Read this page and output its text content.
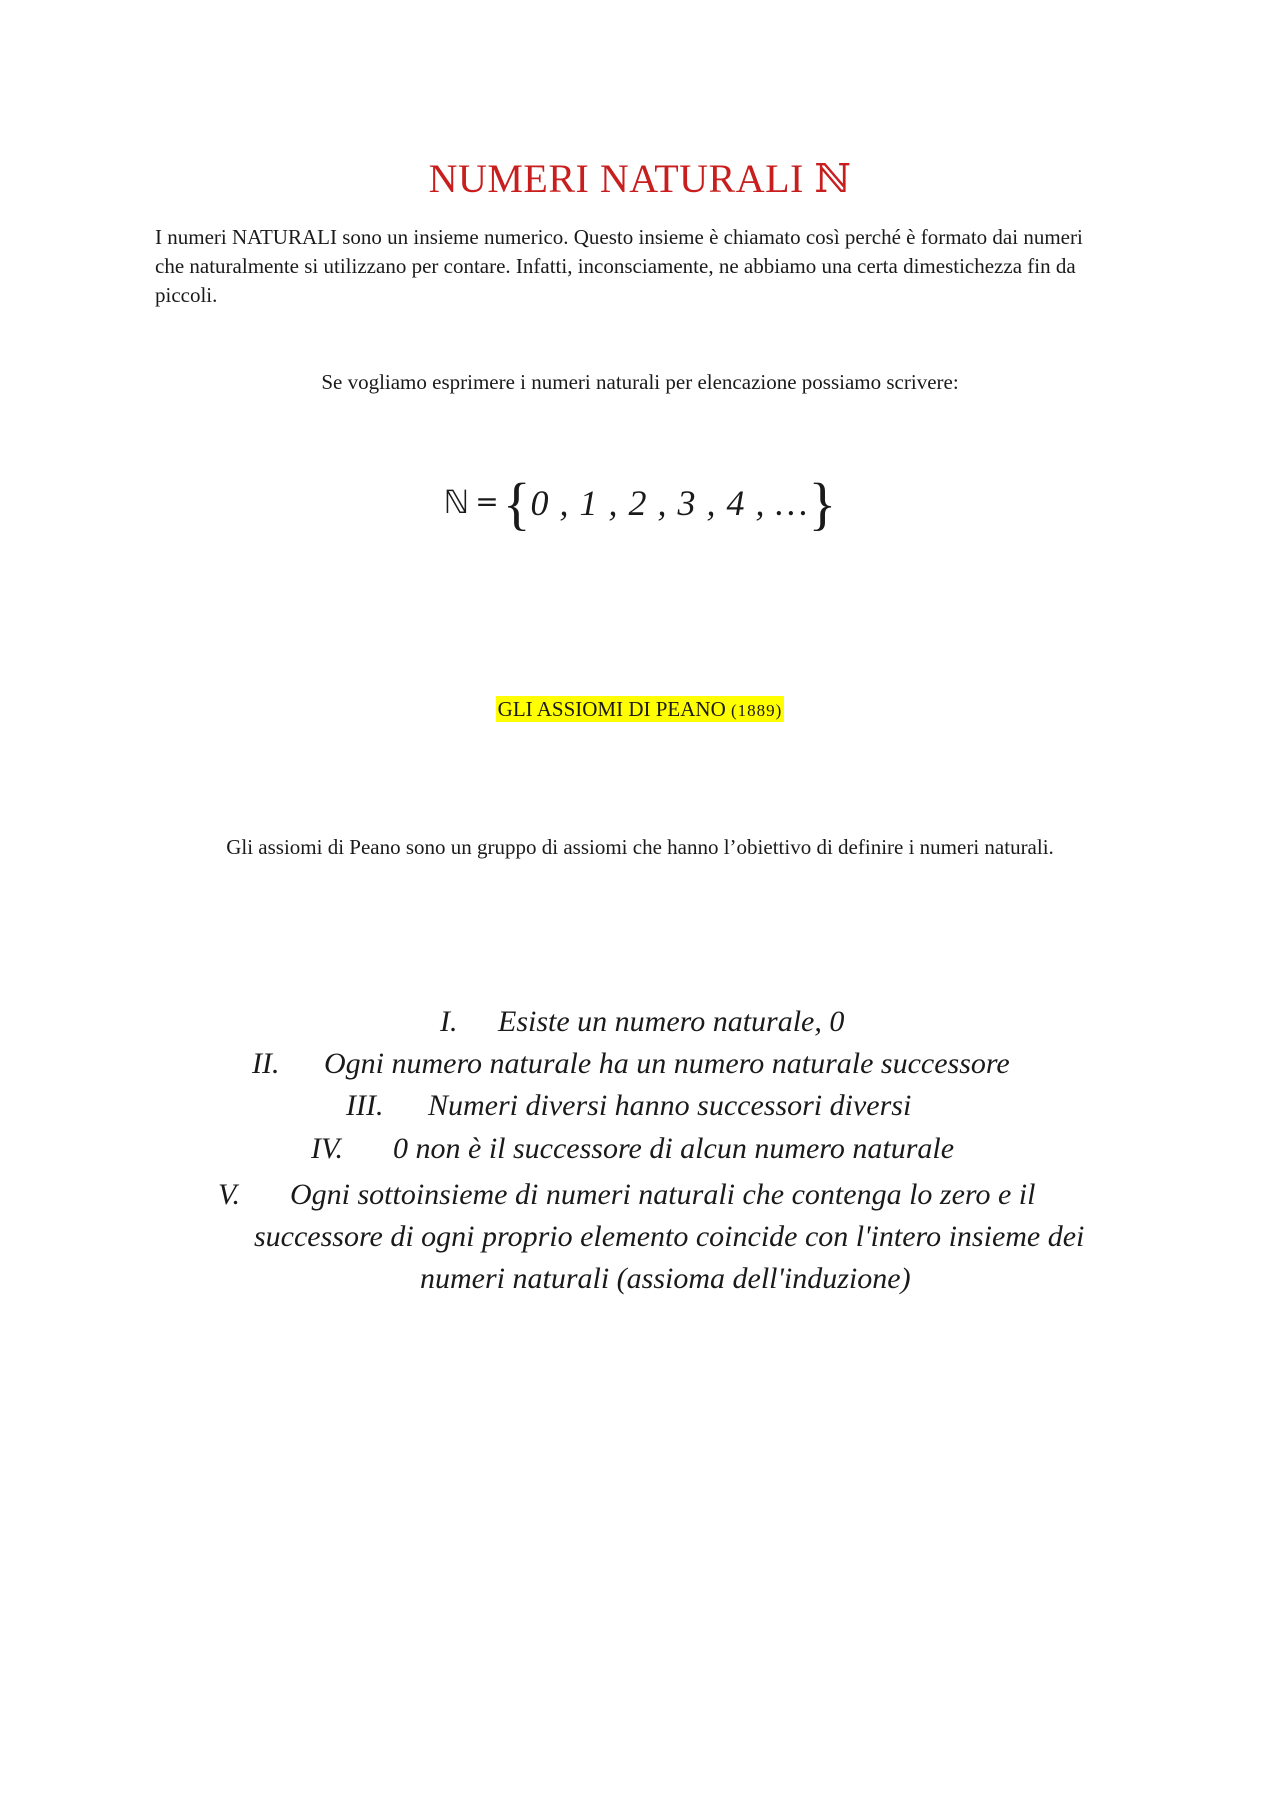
NUMERI NATURALI ℕ
I numeri NATURALI sono un insieme numerico. Questo insieme è chiamato così perché è formato dai numeri che naturalmente si utilizzano per contare. Infatti, inconsciamente, ne abbiamo una certa dimestichezza fin da piccoli.
Se vogliamo esprimere i numeri naturali per elencazione possiamo scrivere:
ℕ ={0 , 1 , 2 , 3 , 4 , …}
GLI ASSIOMI DI PEANO (1889)
Gli assiomi di Peano sono un gruppo di assiomi che hanno l’obiettivo di definire i numeri naturali.
I. Esiste un numero naturale, 0
II. Ogni numero naturale ha un numero naturale successore
III. Numeri diversi hanno successori diversi
IV. 0 non è il successore di alcun numero naturale
V. Ogni sottoinsieme di numeri naturali che contenga lo zero e il
successore di ogni proprio elemento coincide con l'intero insieme dei
numeri naturali (assioma dell'induzione)
